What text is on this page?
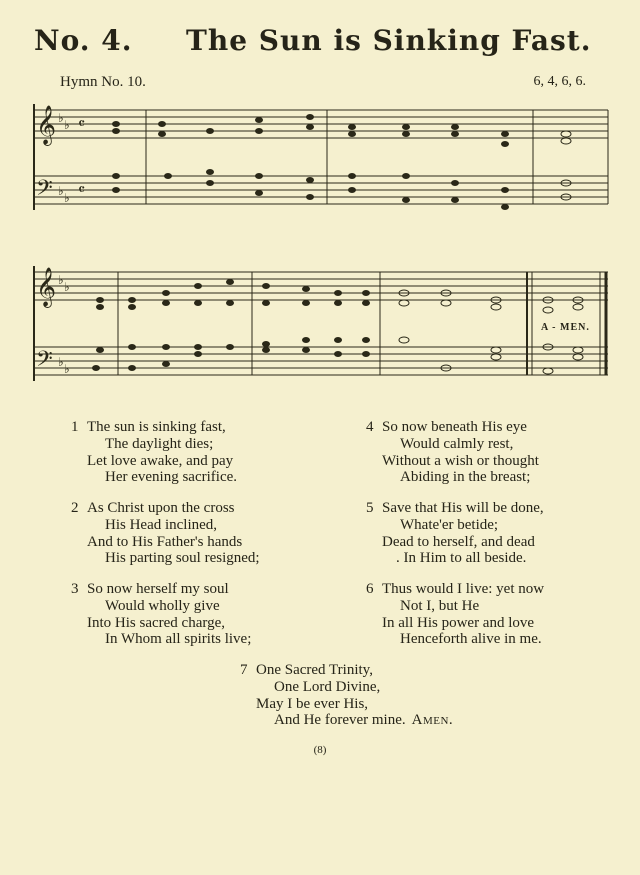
No. 4. The Sun is Sinking Fast.
Hymn No. 10.	6, 4, 6, 6.
𝄞 ♭ ♭ 𝄴
𝄢 ♭ ♭ 𝄴
𝄞 ♭ ♭
𝄢 ♭ ♭
A - MEN.
1 The sun is sinking fast,
The daylight dies;
Let love awake, and pay
Her evening sacrifice.
2 As Christ upon the cross
His Head inclined,
And to His Father's hands
His parting soul resigned;
3 So now herself my soul
Would wholly give
Into His sacred charge,
In Whom all spirits live;
4 So now beneath His eye
Would calmly rest,
Without a wish or thought
Abiding in the breast;
5 Save that His will be done,
Whate'er betide;
Dead to herself, and dead
. In Him to all beside.
6 Thus would I live: yet now
Not I, but He
In all His power and love
Henceforth alive in me.
7 One Sacred Trinity,
One Lord Divine,
May I be ever His,
And He forever mine. Amen.
(8)
